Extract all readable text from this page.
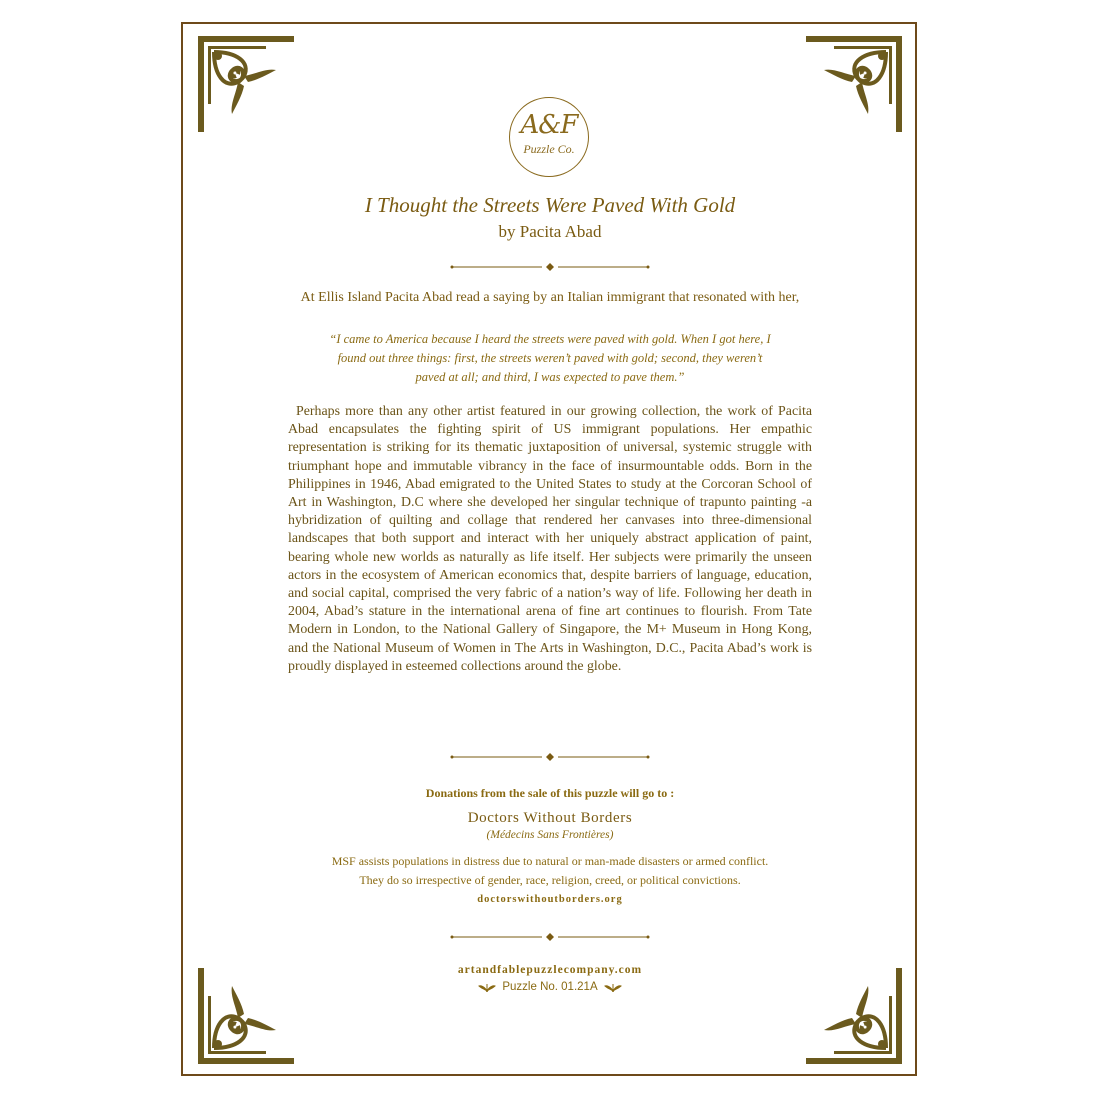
A&F
Puzzle Co.
I Thought the Streets Were Paved With Gold
by Pacita Abad
At Ellis Island Pacita Abad read a saying by an Italian immigrant that resonated with her,
“I came to America because I heard the streets were paved with gold. When I got here, I
found out three things: first, the streets weren’t paved with gold; second, they weren’t
paved at all; and third, I was expected to pave them.”
Perhaps more than any other artist featured in our growing collection, the work of Pacita Abad encapsulates the fighting spirit of US immigrant populations. Her empathic representation is striking for its thematic juxtaposition of universal, systemic struggle with triumphant hope and immutable vibrancy in the face of insurmountable odds. Born in the Philippines in 1946, Abad emigrated to the United States to study at the Corcoran School of Art in Washington, D.C where she developed her singular technique of trapunto painting -a hybridization of quilting and collage that rendered her canvases into three-dimensional landscapes that both support and interact with her uniquely abstract application of paint, bearing whole new worlds as naturally as life itself. Her subjects were primarily the unseen actors in the ecosystem of American economics that, despite barriers of language, education, and social capital, comprised the very fabric of a nation’s way of life. Following her death in 2004, Abad’s stature in the international arena of fine art continues to flourish. From Tate Modern in London, to the National Gallery of Singapore, the M+ Museum in Hong Kong, and the National Museum of Women in The Arts in Washington, D.C., Pacita Abad’s work is proudly displayed in esteemed collections around the globe.
Donations from the sale of this puzzle will go to :
Doctors Without Borders
(Médecins Sans Frontières)
MSF assists populations in distress due to natural or man-made disasters or armed conflict.
They do so irrespective of gender, race, religion, creed, or political convictions.
doctorswithoutborders.org
artandfablepuzzlecompany.com
Puzzle No. 01.21A
